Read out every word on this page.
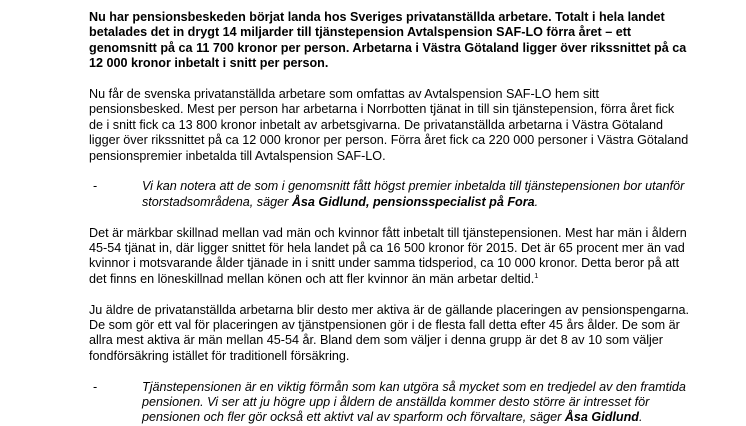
Nu har pensionsbeskeden börjat landa hos Sveriges privatanställda arbetare. Totalt i hela landet betalades det in drygt 14 miljarder till tjänstepension Avtalspension SAF-LO förra året – ett genomsnitt på ca 11 700 kronor per person. Arbetarna i Västra Götaland ligger över rikssnittet på ca 12 000 kronor inbetalt i snitt per person.

Nu får de svenska privatanställda arbetare som omfattas av Avtalspension SAF-LO hem sitt pensionsbesked. Mest per person har arbetarna i Norrbotten tjänat in till sin tjänstepension, förra året fick de i snitt fick ca 13 800 kronor inbetalt av arbetsgivarna. De privatanställda arbetarna i Västra Götaland ligger över rikssnittet på ca 12 000 kronor per person. Förra året fick ca 220 000 personer i Västra Götaland pensionspremier inbetalda till Avtalspension SAF-LO.

-	Vi kan notera att de som i genomsnitt fått högst premier inbetalda till tjänstepensionen bor utanför storstadsområdena, säger Åsa Gidlund, pensionsspecialist på Fora.

Det är märkbar skillnad mellan vad män och kvinnor fått inbetalt till tjänstepensionen. Mest har män i åldern 45-54 tjänat in, där ligger snittet för hela landet på ca 16 500 kronor för 2015. Det är 65 procent mer än vad kvinnor i motsvarande ålder tjänade in i snitt under samma tidsperiod, ca 10 000 kronor. Detta beror på att det finns en löneskillnad mellan könen och att fler kvinnor än män arbetar deltid.$^1$

Ju äldre de privatanställda arbetarna blir desto mer aktiva är de gällande placeringen av pensionspengarna. De som gör ett val för placeringen av tjänstpensionen gör i de flesta fall detta efter 45 års ålder. De som är allra mest aktiva är män mellan 45-54 år. Bland dem som väljer i denna grupp är det 8 av 10 som väljer fondförsäkring istället för traditionell försäkring.

-	Tjänstepensionen är en viktig förmån som kan utgöra så mycket som en tredjedel av den framtida pensionen. Vi ser att ju högre upp i åldern de anställda kommer desto större är intresset för pensionen och fler gör också ett aktivt val av sparform och förvaltare, säger Åsa Gidlund.
